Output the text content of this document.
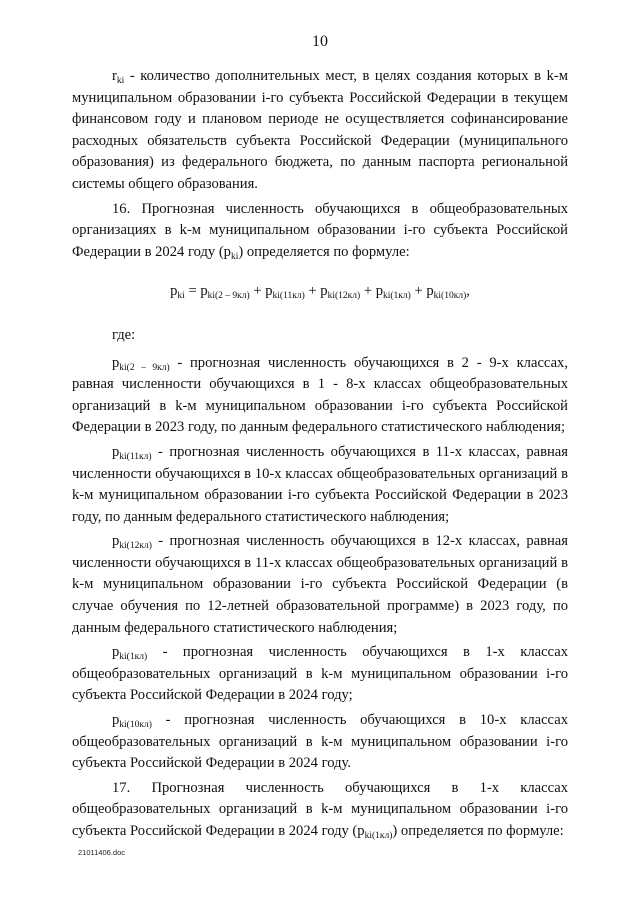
10

$r_{ki}$ - количество дополнительных мест, в целях создания которых в k-м муниципальном образовании i-го субъекта Российской Федерации в текущем финансовом году и плановом периоде не осуществляется софинансирование расходных обязательств субъекта Российской Федерации (муниципального образования) из федерального бюджета, по данным паспорта региональной системы общего образования.

16. Прогнозная численность обучающихся в общеобразовательных организациях в k-м муниципальном образовании i-го субъекта Российской Федерации в 2024 году $(p_{ki})$ определяется по формуле:

$p_{ki} = p_{ki(2 - 9кл)} + p_{ki(11кл)} + p_{ki(12кл)} + p_{ki(1кл)} + p_{ki(10кл)}$,

где:

$p_{ki(2 - 9кл)}$ - прогнозная численность обучающихся в 2 - 9-х классах, равная численности обучающихся в 1 - 8-х классах общеобразовательных организаций в k-м муниципальном образовании i-го субъекта Российской Федерации в 2023 году, по данным федерального статистического наблюдения;

$p_{ki(11кл)}$ - прогнозная численность обучающихся в 11-х классах, равная численности обучающихся в 10-х классах общеобразовательных организаций в k-м муниципальном образовании i-го субъекта Российской Федерации в 2023 году, по данным федерального статистического наблюдения;

$p_{ki(12кл)}$ - прогнозная численность обучающихся в 12-х классах, равная численности обучающихся в 11-х классах общеобразовательных организаций в k-м муниципальном образовании i-го субъекта Российской Федерации (в случае обучения по 12-летней образовательной программе) в 2023 году, по данным федерального статистического наблюдения;

$p_{ki(1кл)}$ - прогнозная численность обучающихся в 1-х классах общеобразовательных организаций в k-м муниципальном образовании i-го субъекта Российской Федерации в 2024 году;

$p_{ki(10кл)}$ - прогнозная численность обучающихся в 10-х классах общеобразовательных организаций в k-м муниципальном образовании i-го субъекта Российской Федерации в 2024 году.

17. Прогнозная численность обучающихся в 1-х классах общеобразовательных организаций в k-м муниципальном образовании i-го субъекта Российской Федерации в 2024 году $(p_{ki(1кл)})$ определяется по формуле:

21011406.doc
